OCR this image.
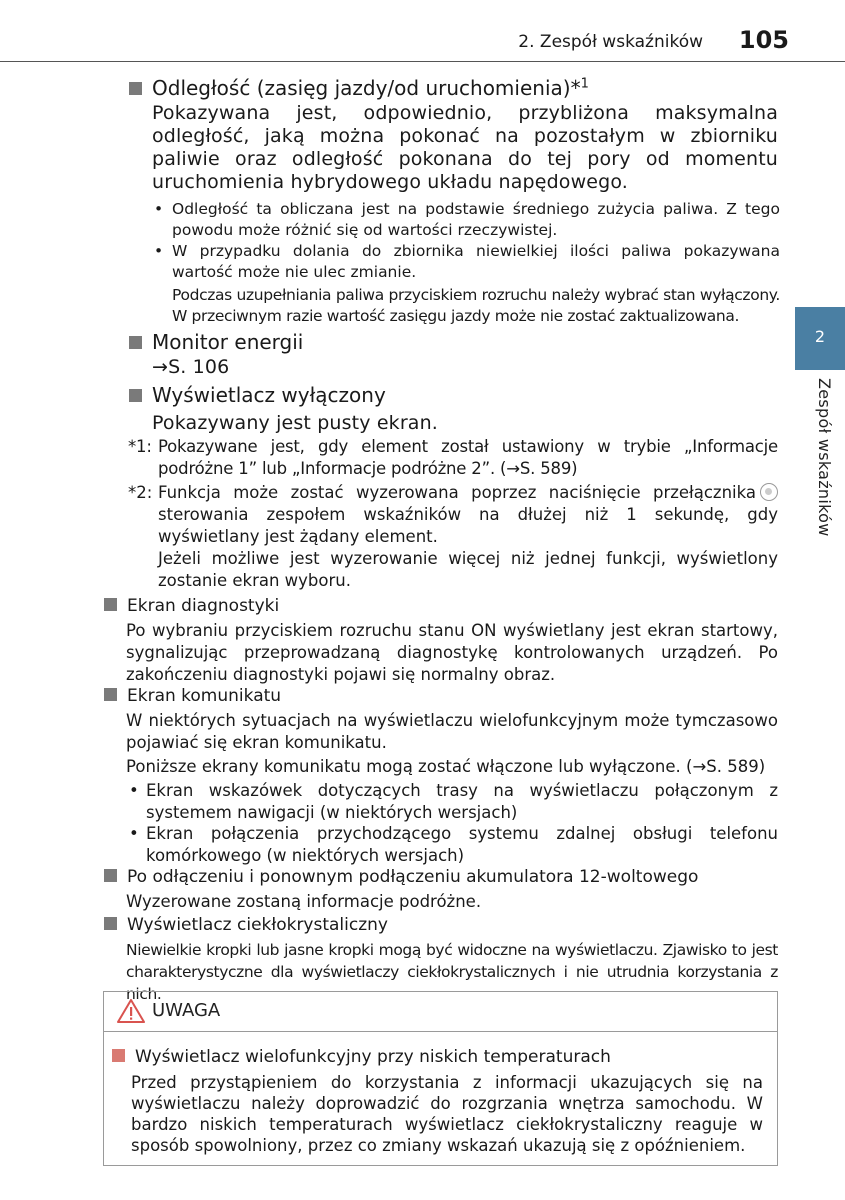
2. Zespół wskaźników 105
2
Zespół wskaźników
Odległość (zasięg jazdy/od uruchomienia)*$^1$
Pokazywana jest, odpowiednio, przybliżona maksymalna odległość, jaką można pokonać na pozostałym w zbiorniku paliwie oraz odległość pokonana do tej pory od momentu uruchomienia hybrydowego układu napędowego.
• Odległość ta obliczana jest na podstawie średniego zużycia paliwa. Z tego powodu może różnić się od wartości rzeczywistej.
• W przypadku dolania do zbiornika niewielkiej ilości paliwa pokazywana wartość może nie ulec zmianie.
Podczas uzupełniania paliwa przyciskiem rozruchu należy wybrać stan wyłączony. W przeciwnym razie wartość zasięgu jazdy może nie zostać zaktualizowana.
Monitor energii
→S. 106
Wyświetlacz wyłączony
Pokazywany jest pusty ekran.
*1: Pokazywane jest, gdy element został ustawiony w trybie „Informacje podróżne 1” lub „Informacje podróżne 2”. (→S. 589)
*2: Funkcja może zostać wyzerowana poprzez naciśnięcie przełącznika sterowania zespołem wskaźników na dłużej niż 1 sekundę, gdy wyświetlany jest żądany element.
Jeżeli możliwe jest wyzerowanie więcej niż jednej funkcji, wyświetlony zostanie ekran wyboru.
Ekran diagnostyki
Po wybraniu przyciskiem rozruchu stanu ON wyświetlany jest ekran startowy, sygnalizując przeprowadzaną diagnostykę kontrolowanych urządzeń. Po zakończeniu diagnostyki pojawi się normalny obraz.
Ekran komunikatu
W niektórych sytuacjach na wyświetlaczu wielofunkcyjnym może tymczasowo pojawiać się ekran komunikatu.
Poniższe ekrany komunikatu mogą zostać włączone lub wyłączone. (→S. 589)
• Ekran wskazówek dotyczących trasy na wyświetlaczu połączonym z systemem nawigacji (w niektórych wersjach)
• Ekran połączenia przychodzącego systemu zdalnej obsługi telefonu komórkowego (w niektórych wersjach)
Po odłączeniu i ponownym podłączeniu akumulatora 12-woltowego
Wyzerowane zostaną informacje podróżne.
Wyświetlacz ciekłokrystaliczny
Niewielkie kropki lub jasne kropki mogą być widoczne na wyświetlaczu. Zjawisko to jest charakterystyczne dla wyświetlaczy ciekłokrystalicznych i nie utrudnia korzystania z nich.
UWAGA
Wyświetlacz wielofunkcyjny przy niskich temperaturach
Przed przystąpieniem do korzystania z informacji ukazujących się na wyświetlaczu należy doprowadzić do rozgrzania wnętrza samochodu. W bardzo niskich temperaturach wyświetlacz ciekłokrystaliczny reaguje w sposób spowolniony, przez co zmiany wskazań ukazują się z opóźnieniem.
